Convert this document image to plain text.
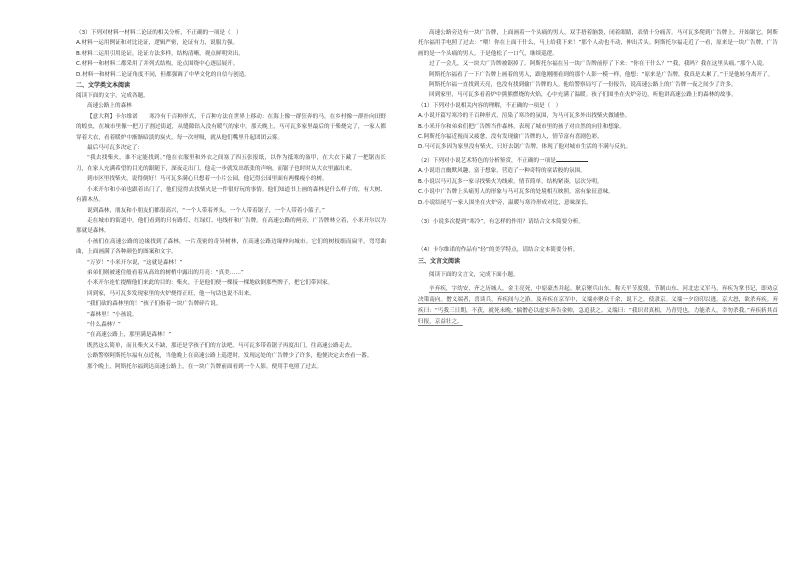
（3）下列对材料一材料二论证的相关分析，不正确的一项是（　）
A.材料一运用例证和对比论证，逻辑严密，论证有力，说服力强。
B.材料二运用引用论证，论证方法多样，结构清晰，观点鲜明突出。
C.材料一和材料二都采用了并列式结构，论点围绕中心逐层展开。
D.材料一和材料二论证角度不同，但都强调了中华文化的自信与创造。
二、文学类文本阅读
阅读下面的文字，完成各题。
高速公路上的森林
【意大利】卡尔维诺　　寒冷有千百种形式、千百种方法在世界上移动：在海上像一群狂奔的马，在乡村像一群扑向田野的蝗虫，在城市里像一把刀子割过街道，从缝隙钻入没有暖气的家中。那天晚上，马可瓦多家里最后的干柴烧完了，一家人都穿着大衣，看着暖炉中渐渐暗淡的炭火。每一次呼吸，就从他们嘴里升起团团云雾。
最后马可瓦多决定了：
“我去找柴火，谁不定能找到。”他在衣服里和外衣之间塞了四五张报纸，以作为抵寒的盔甲，在大衣下藏了一把锯齿长刀，在家人充满希望的目光的跟随下，深夜走出门，他走一步就发出纸张的声响。而锯子也时时从大衣里露出来。
到市区里找柴火，说得倒好！马可瓦多满心只想着一小片公园，他记得公园里面有两棵瘦小的树。
小米开尔和小弟也跟着出门了，他们觉得去找柴火是一件很好玩的事情。他们知道书上画的森林是什么样子的，有大树、有灌木丛。
说到森林，朋友和小朋友们都很高兴，“一个人带着斧头，一个人带着锯子，一个人带着小篮子。”
走在城市的街道中，他们看到的只有路灯、红绿灯、电线杆和广告牌。在高速公路的两旁，广告牌林立着，小米开尔以为那就是森林。
小孩们在高速公路的边缘找到了森林，一片茂密的奇异树林，在高速公路边缘伸向城市。它们的树枝细而扁平，弯弯曲曲，上面画满了各种颜色的图案和文字。
“万岁！”小米开尔说，“这就是森林！”
弟弟们则被迷住般看着从高耸的树梢中露出的月亮：“真美……”
小米开尔连忙提醒他们来此的目的：柴火。于是他们便一棵接一棵地砍倒那些牌子，把它们带回家。
回到家，马可瓦多发现家里的火炉烧得正旺，他一句话也说不出来。
“我们砍的森林里的！”孩子们指着一块广告牌碎片说。
“森林里！”小孩说。
“什么森林？”
“在高速公路上，那里满是森林！”
既然这么简单，而且柴火又不缺，那还是学孩子们的方法吧。马可瓦多带着锯子再度出门，往高速公路走去。
公路警察阿斯托尔福有点近视，当他晚上在高速公路上巡逻时，发现远处的广告牌少了许多，他便决定去查看一番。
那个晚上，阿斯托尔福到达高速公路上，在一块广告牌前面看到一个人影，便用手电照了过去。
高速公路旁边有一块广告牌，上面画着一个头痛的男人，双手捂着脑袋，闭着眼睛，表情十分痛苦。马可瓦多爬到广告牌上，开始锯它，阿斯托尔福用手电照了过去：“喂！你在上面干什么，马上给我下来！”那个人动也不动，伸出舌头。阿斯托尔福走近了一看，原来是一块广告牌，广告画的是一个头痛的男人。于是他松了一口气，继续巡逻。
过了一会儿，又一块大广告牌被锯掉了。阿斯托尔福在另一块广告牌前停了下来：“你在干什么？”“我，我吗？我在这里头痛。”那个人说。
阿斯托尔福看了一下广告牌上画着的男人，跟他刚刚看到的那个人影一模一样，他想：“原来是广告牌，我真是太累了。”于是他转身离开了。
阿斯托尔福一直找到天亮，也没有找到偷广告牌的人。他给警察局写了一份报告，说高速公路上的广告牌一夜之间少了许多。
回到家里，马可瓦多看着炉中熊熊燃烧的火焰，心中充满了温暖。孩子们围坐在火炉旁边，听他讲高速公路上的森林的故事。
（1）下列对小说相关内容的理解，不正确的一项是（　）
A.小说开篇写寒冷的千百种形式，渲染了寒冷的氛围，为马可瓦多外出找柴火做铺垫。
B.小米开尔和弟弟们把广告牌当作森林，表现了城市里的孩子对自然的向往和想象。
C.阿斯托尔福近视而又疲惫，没有发现偷广告牌的人，情节富有喜剧色彩。
D.马可瓦多因为家里没有柴火，只好去锯广告牌，体现了他对城市生活的不满与反抗。
（2）下列对小说艺术特色的分析鉴赏，不正确的一项是
A.小说语言幽默风趣，富于想象，营造了一种奇特的童话般的氛围。
B.小说以马可瓦多一家寻找柴火为线索，情节简单，结构紧凑，层次分明。
C.小说中广告牌上头痛男人的形象与马可瓦多的处境相互映照，富有象征意味。
D.小说结尾写一家人围坐在火炉旁，温暖与寒冷形成对比，意味深长。
（3）小说多次提到“寒冷”，有怎样的作用？请结合文本简要分析。
（4）卡尔维诺的作品有“轻”的美学特点，请结合文本简要分析。
三、文言文阅读
阅读下面的文言文，完成下面小题。
辛弃疾，字幼安，齐之历城人。金主亮死，中原豪杰并起。耿京聚兵山东，称天平节度使，节制山东、河北忠义军马，弃疾为掌书记，即劝京决策南向。僧义端者，喜谈兵，弃疾间与之游。及弃疾在京军中，义端亦聚众千余，说下之，使隶京。义端一夕窃印以逃，京大怒，欲杀弃疾。弃疾曰：“丐我三日期，不获，就死未晚。”揣僧必以虚实奔告金帅，急追获之。义端曰：“我识君真相，乃青兕也，力能杀人，幸勿杀我。”弃疾斩其首归报，京益壮之。
